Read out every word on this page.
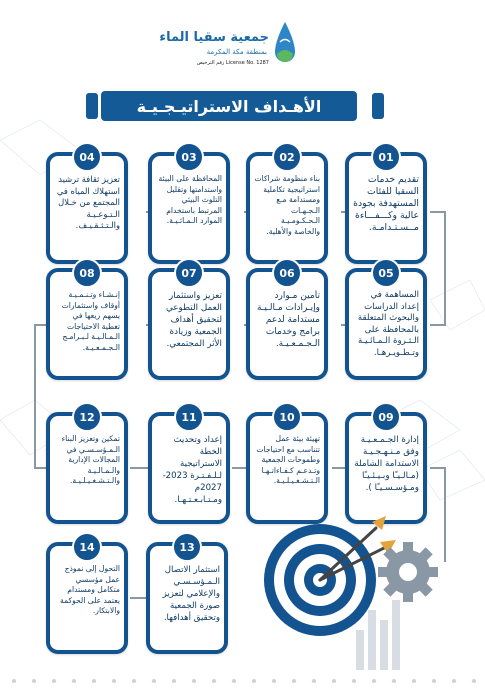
جمعية سقيا الماء
بمنطقة مكة المكرمة
رقم الترخيص License No. 1287
الأهـداف الاستراتيـجـيـة
01
تقديم خدمات السقيا للفئات المستهدفة بجودة عالية وكـــفـــاءة مــسـتـدامـة.
02
بناء منظومة شراكات استراتيجية تكاملية ومستدامة مـع الـجـهـات الـحـكـومـيـة والخاصة والأهلية.
03
المحافظة على البيئة واستدامتها وتقليل التلوث البيئي المرتبط باستخدام الموارد الـمـائـيـة.
04
تعزيز ثقافة ترشيد استهلاك المياه في المجتمع من خـلال الـتـوعـيـة والـتـثـقـيـف.
05
المساهمة في إعداد الدراسات والبحوث المتعلقة بالمحافظة على الـثـروة الـمـائـيـة وتـطـويـرهـا.
06
تأمين مـوارد وإيـرادات مـالـيـة مستدامة لدعم برامج وخدمات الـجـمـعـيـة.
07
تعزيز واستثمار العمل التطوعي لتحقيق أهداف الجمعية وزيادة الأثر المجتمعي.
08
إنـشـاء وتـنـمـيـة أوقاف واستثمارات يسهم ريعها في تغطية الاحتياجات الـمـالـيـة لـبـرامـج الـجـمـعـيـة.
09
إدارة الجـمـعـيـة وفق مـنـهـجـيـة الاستدامة الشاملة (مـالـيـًا وبـيـئـيـًا ومـؤسـسـيـًا ).
10
تهيئة بيئة عمل تتناسب مع احتياجات وطموحات الجمعية وتـدعـم كـفـاءاتـهـا الـتـشـغـيـلـيـة.
11
إعداد وتحديث الخطة الاستراتيجية لـلـفـتـرة 2023-2027م ومـتـابـعـتـهـا.
12
تمكين وتعزيز البناء الـمـؤسـسـي في المجالات الإدارية والـمـالـيـة والـتـشـغـيـلـيـة.
13
استثمار الاتصال الـمـؤسـسـي والإعلامي لتعزيز صورة الجمعية وتحقيق أهدافها.
14
التحول إلى نموذج عمل مؤسسي متكامل ومستدام يعتمد على الحوكمة والابتكار.
